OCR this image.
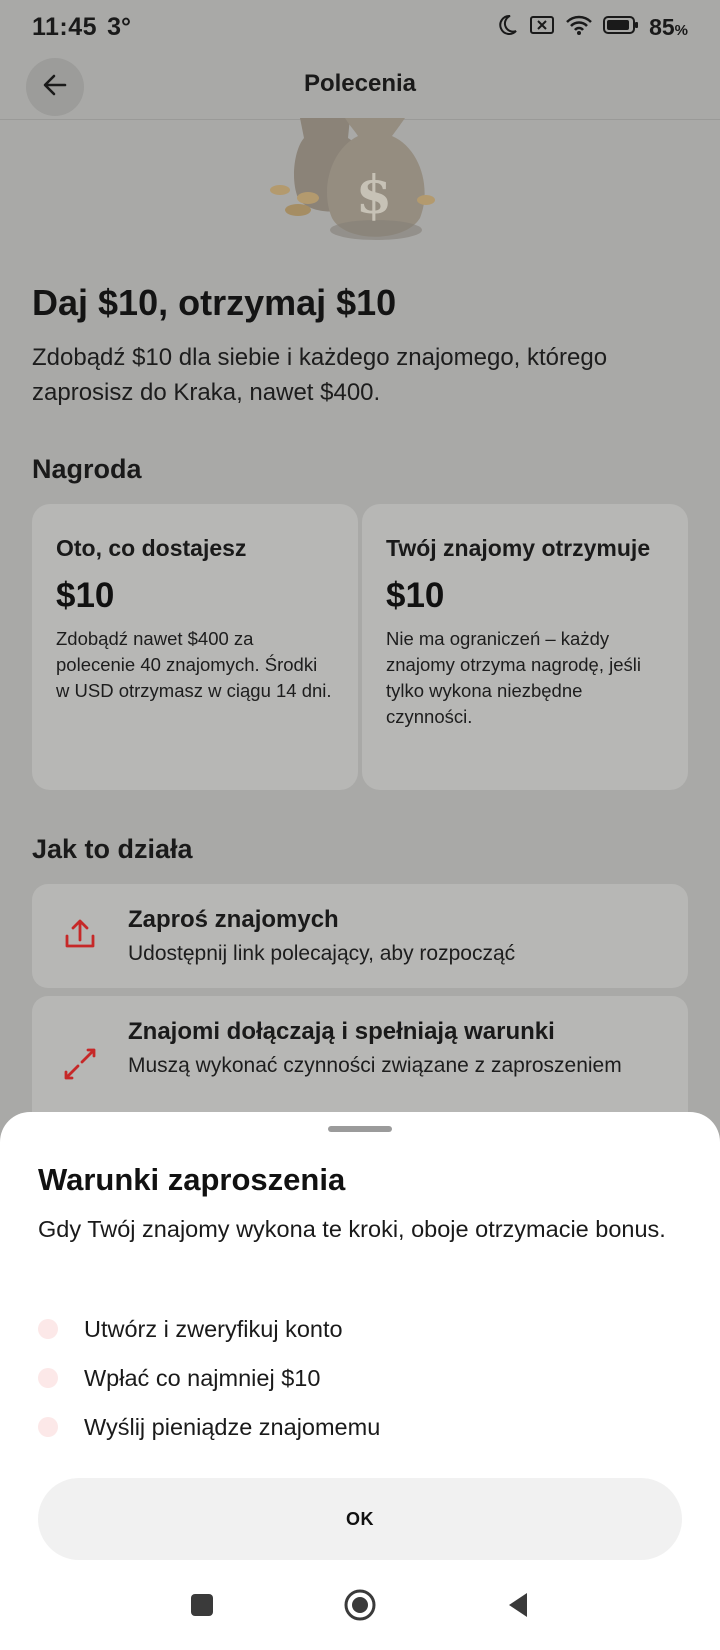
11:45 3°	85%
Polecenia
$
Daj $10, otrzymaj $10
Zdobądź $10 dla siebie i każdego znajomego, którego zaprosisz do Kraka, nawet $400.
Nagroda
Oto, co dostajesz
$10
Zdobądź nawet $400 za polecenie 40 znajomych. Środki w USD otrzymasz w ciągu 14 dni.
Twój znajomy otrzymuje
$10
Nie ma ograniczeń – każdy znajomy otrzyma nagrodę, jeśli tylko wykona niezbędne czynności.
Jak to działa
Zaproś znajomych
Udostępnij link polecający, aby rozpocząć
Znajomi dołączają i spełniają warunki
Muszą wykonać czynności związane z zaproszeniem
Warunki zaproszenia
Gdy Twój znajomy wykona te kroki, oboje otrzymacie bonus.
Utwórz i zweryfikuj konto
Wpłać co najmniej $10
Wyślij pieniądze znajomemu
OK
